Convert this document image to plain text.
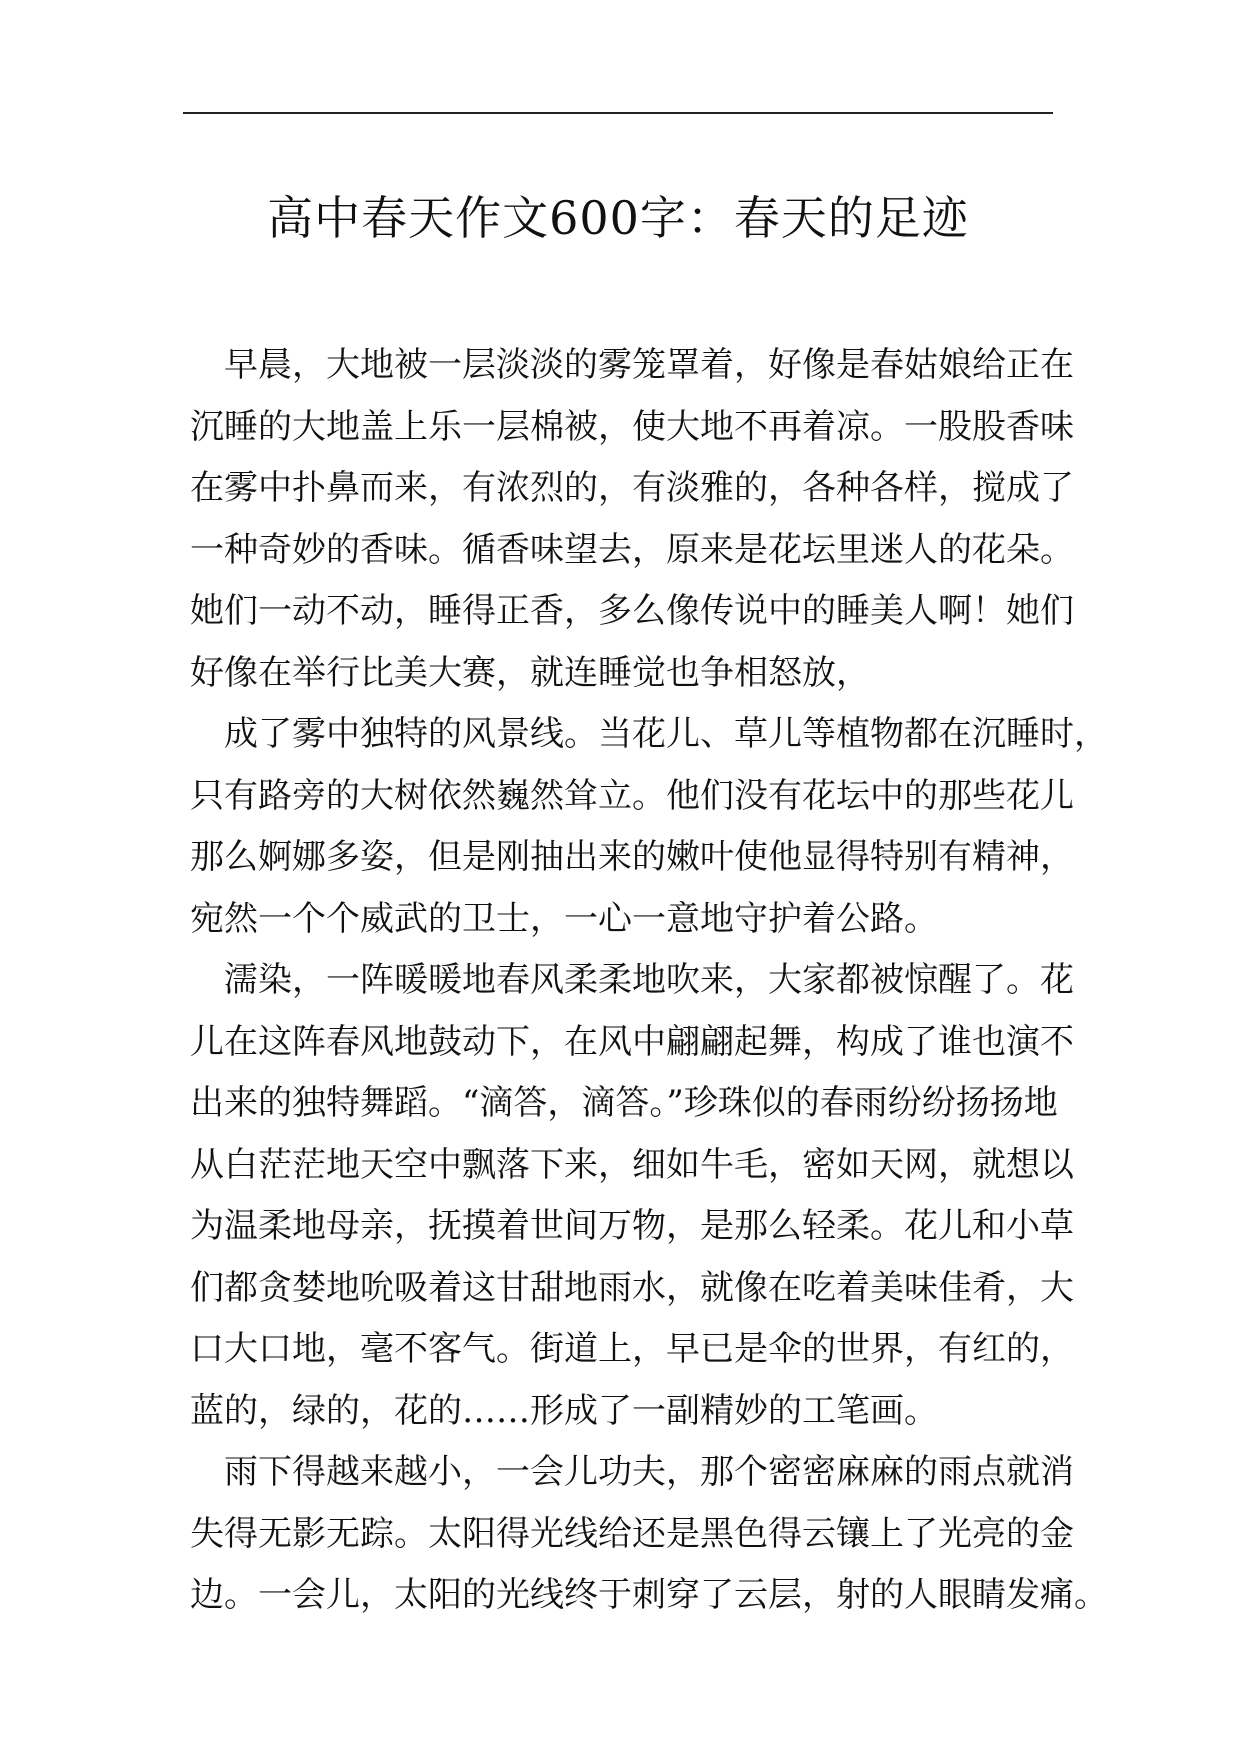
高中春天作文600字：春天的足迹

早晨，大地被一层淡淡的雾笼罩着，好像是春姑娘给正在
沉睡的大地盖上乐一层棉被，使大地不再着凉。一股股香味
在雾中扑鼻而来，有浓烈的，有淡雅的，各种各样，搅成了
一种奇妙的香味。循香味望去，原来是花坛里迷人的花朵。
她们一动不动，睡得正香，多么像传说中的睡美人啊！她们
好像在举行比美大赛，就连睡觉也争相怒放，

成了雾中独特的风景线。当花儿、草儿等植物都在沉睡时，
只有路旁的大树依然巍然耸立。他们没有花坛中的那些花儿
那么婀娜多姿，但是刚抽出来的嫩叶使他显得特别有精神，
宛然一个个威武的卫士，一心一意地守护着公路。

濡染，一阵暖暖地春风柔柔地吹来，大家都被惊醒了。花
儿在这阵春风地鼓动下，在风中翩翩起舞，构成了谁也演不
出来的独特舞蹈。“滴答，滴答。”珍珠似的春雨纷纷扬扬地
从白茫茫地天空中飘落下来，细如牛毛，密如天网，就想以
为温柔地母亲，抚摸着世间万物，是那么轻柔。花儿和小草
们都贪婪地吮吸着这甘甜地雨水，就像在吃着美味佳肴，大
口大口地，毫不客气。街道上，早已是伞的世界，有红的，
蓝的，绿的，花的……形成了一副精妙的工笔画。

雨下得越来越小，一会儿功夫，那个密密麻麻的雨点就消
失得无影无踪。太阳得光线给还是黑色得云镶上了光亮的金
边。一会儿，太阳的光线终于刺穿了云层，射的人眼睛发痛。
